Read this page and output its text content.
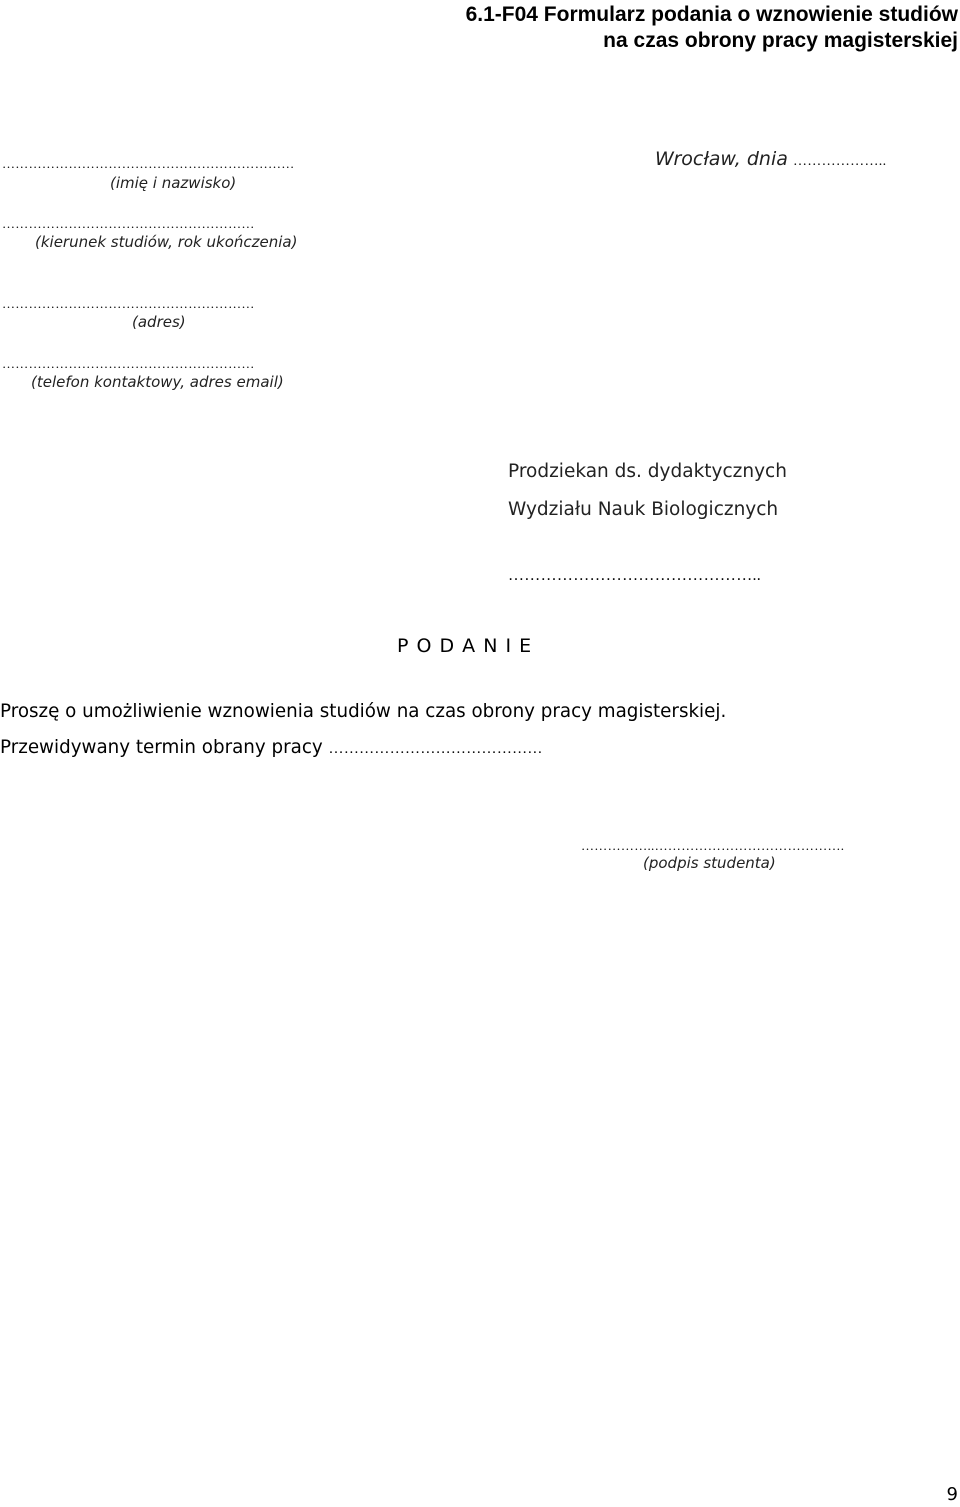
6.1-F04 Formularz podania o wznowienie studiów
na czas obrony pracy magisterskiej
…………………………………………………………
(imię i nazwisko)
…………………………………………………
(kierunek studiów, rok ukończenia)
…………………………………………………
(adres)
…………………………………………………
(telefon kontaktowy, adres email)
Wrocław, dnia ………………..
Prodziekan ds. dydaktycznych
Wydziału Nauk Biologicznych
………………………………………..
P O D A N I E
Proszę o umożliwienie wznowienia studiów na czas obrony pracy magisterskiej.
Przewidywany termin obrany pracy ……………………………………
……………..…………………………………….
(podpis studenta)
9
